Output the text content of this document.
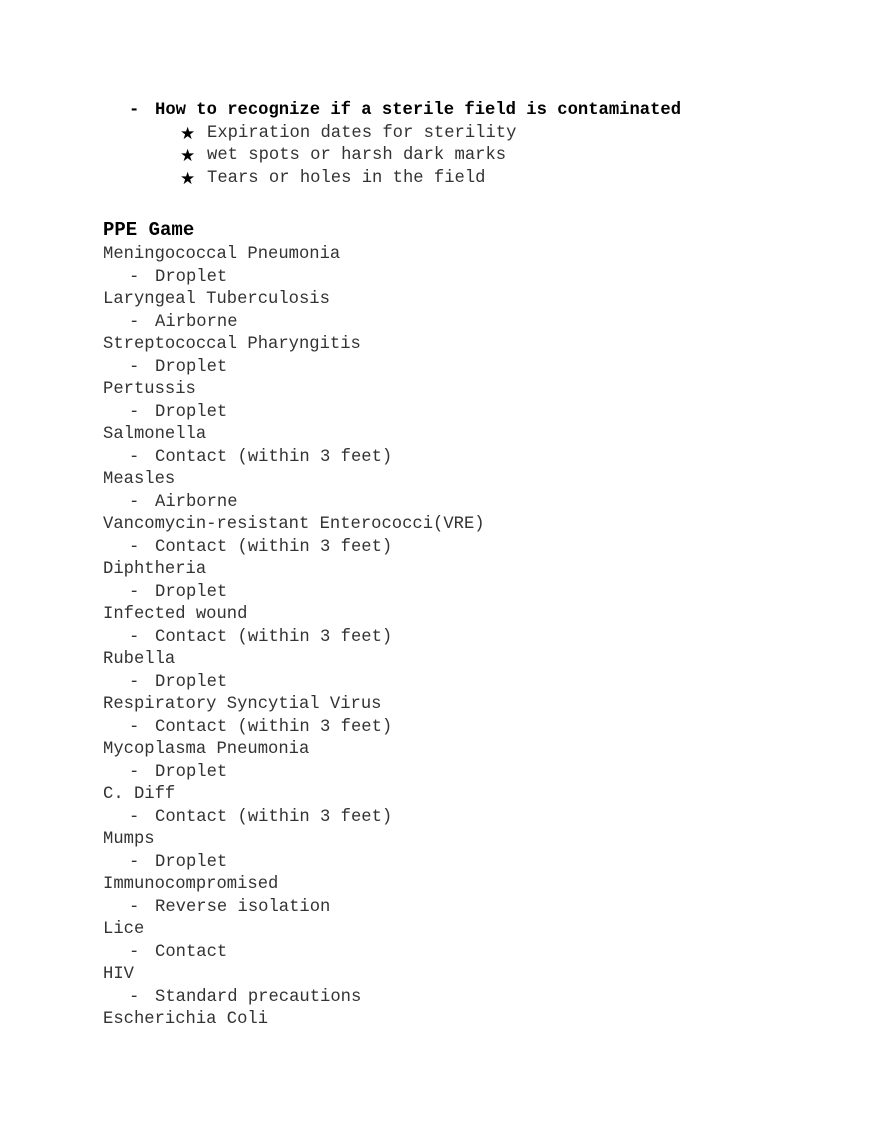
- How to recognize if a sterile field is contaminated
★ Expiration dates for sterility
★ wet spots or harsh dark marks
★ Tears or holes in the field
PPE Game
Meningococcal Pneumonia
- Droplet
Laryngeal Tuberculosis
- Airborne
Streptococcal Pharyngitis
- Droplet
Pertussis
- Droplet
Salmonella
- Contact (within 3 feet)
Measles
- Airborne
Vancomycin-resistant Enterococci(VRE)
- Contact (within 3 feet)
Diphtheria
- Droplet
Infected wound
- Contact (within 3 feet)
Rubella
- Droplet
Respiratory Syncytial Virus
- Contact (within 3 feet)
Mycoplasma Pneumonia
- Droplet
C. Diff
- Contact (within 3 feet)
Mumps
- Droplet
Immunocompromised
- Reverse isolation
Lice
- Contact
HIV
- Standard precautions
Escherichia Coli
